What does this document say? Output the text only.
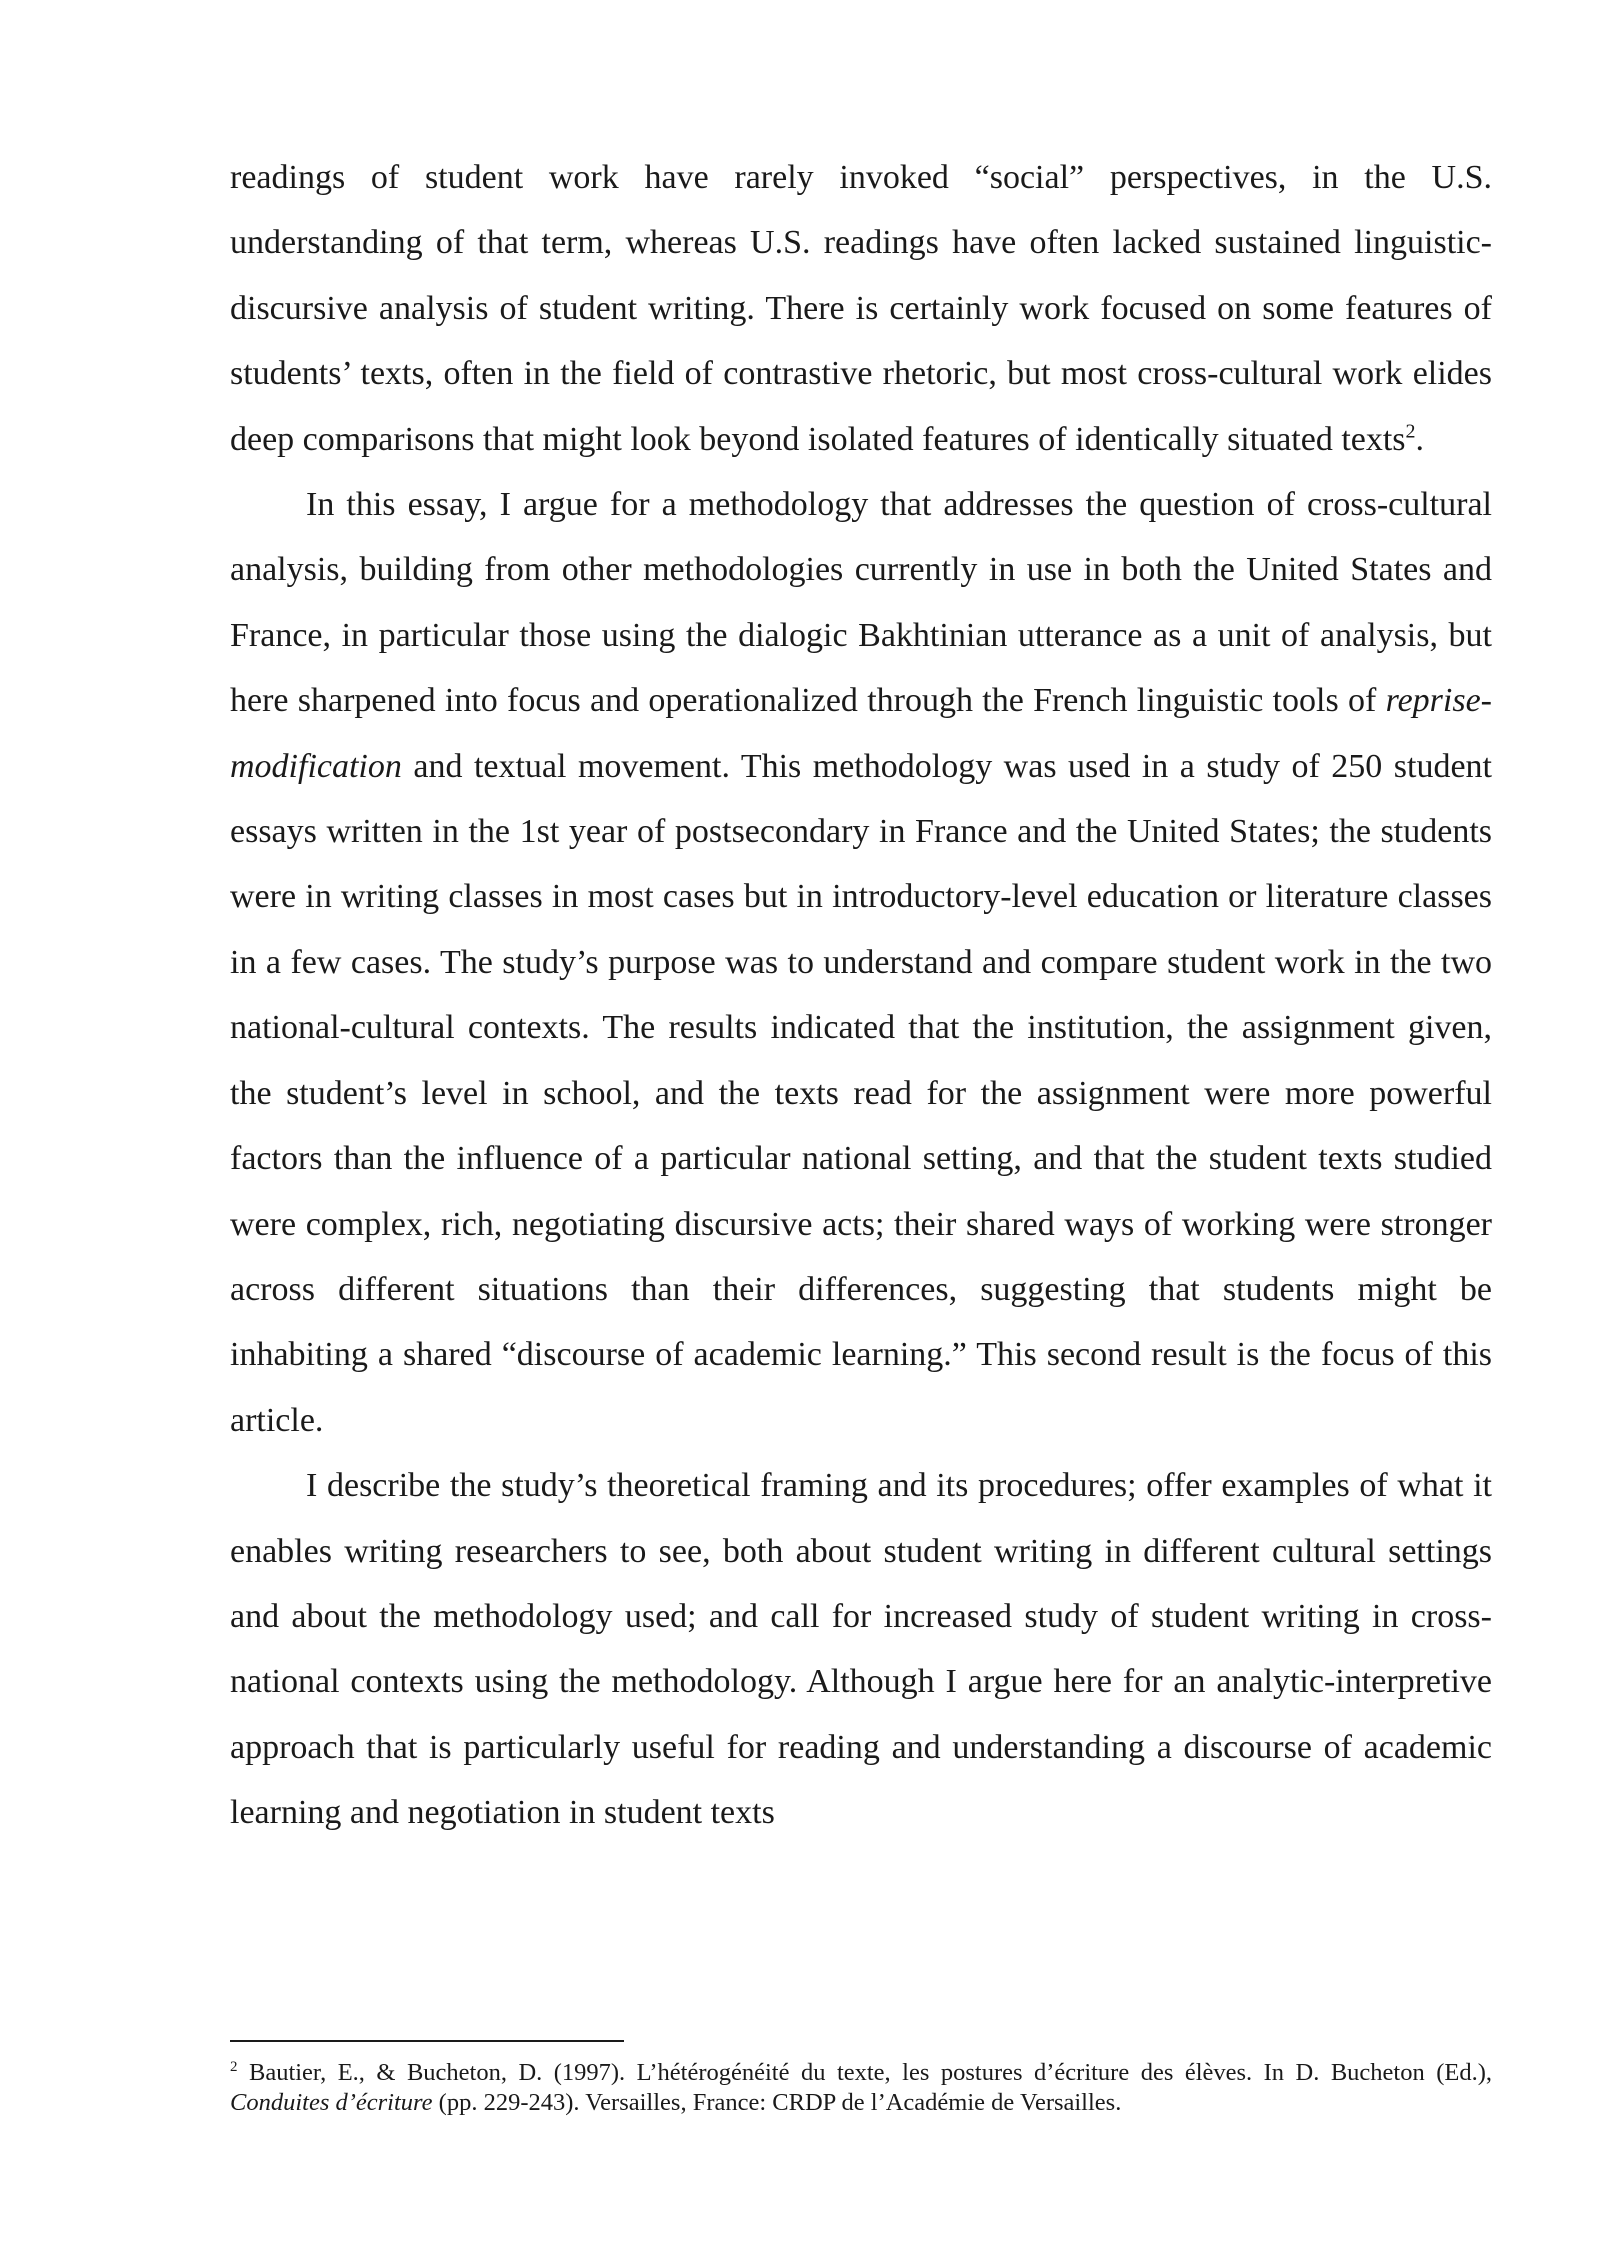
readings of student work have rarely invoked “social” perspectives, in the U.S. understanding of that term, whereas U.S. readings have often lacked sustained linguistic-discursive analysis of student writing. There is certainly work focused on some features of students’ texts, often in the field of contrastive rhetoric, but most cross-cultural work elides deep comparisons that might look beyond isolated features of identically situated texts$^2$.

In this essay, I argue for a methodology that addresses the question of cross-cultural analysis, building from other methodologies currently in use in both the United States and France, in particular those using the dialogic Bakhtinian utterance as a unit of analysis, but here sharpened into focus and operationalized through the French linguistic tools of reprise-modification and textual movement. This methodology was used in a study of 250 student essays written in the 1st year of postsecondary in France and the United States; the students were in writing classes in most cases but in introductory-level education or literature classes in a few cases. The study’s purpose was to understand and compare student work in the two national-cultural contexts. The results indicated that the institution, the assignment given, the student’s level in school, and the texts read for the assignment were more powerful factors than the influence of a particular national setting, and that the student texts studied were complex, rich, negotiating discursive acts; their shared ways of working were stronger across different situations than their differences, suggesting that students might be inhabiting a shared “discourse of academic learning.” This second result is the focus of this article.

I describe the study’s theoretical framing and its procedures; offer examples of what it enables writing researchers to see, both about student writing in different cultural settings and about the methodology used; and call for increased study of student writing in cross-national contexts using the methodology. Although I argue here for an analytic-interpretive approach that is particularly useful for reading and understanding a discourse of academic learning and negotiation in student texts

$^2$ Bautier, E., & Bucheton, D. (1997). L’hétérogénéité du texte, les postures d’écriture des élèves. In D. Bucheton (Ed.), Conduites d’écriture (pp. 229-243). Versailles, France: CRDP de l’Académie de Versailles.
